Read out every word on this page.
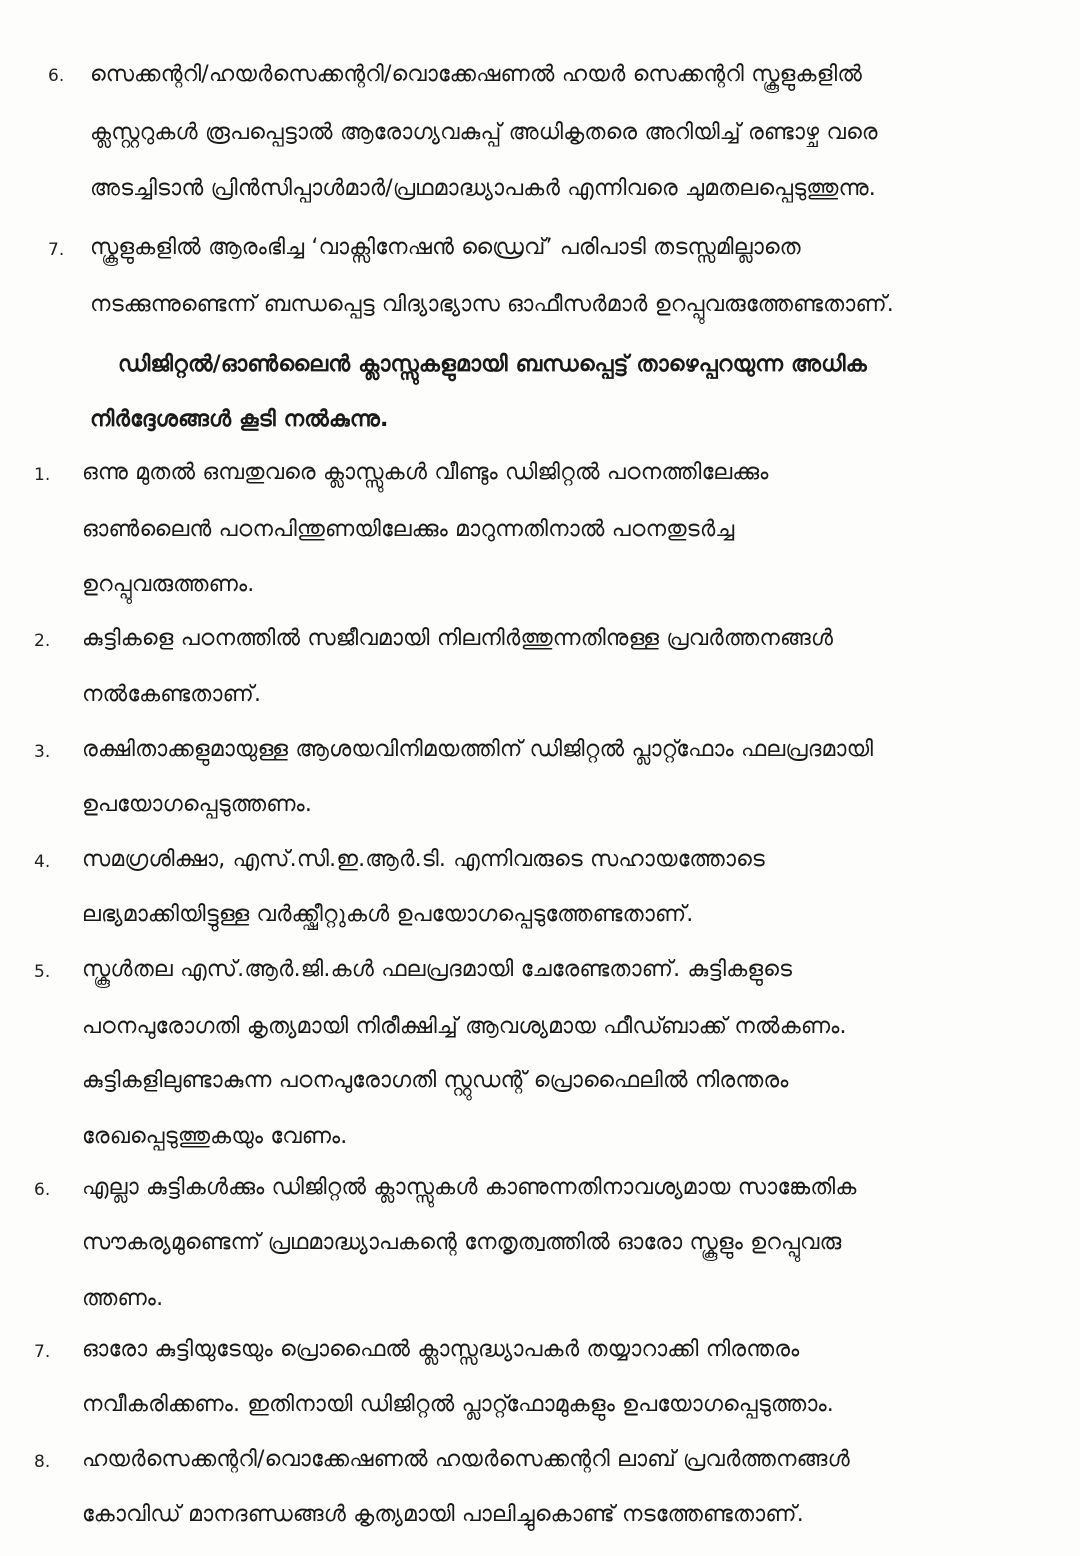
6. സെക്കന്ററി/ഹയർസെക്കന്ററി/വൊക്കേഷണൽ ഹയർ സെക്കന്ററി സ്കൂളുകളിൽ
ക്ലസ്റ്ററുകൾ രൂപപ്പെട്ടാൽ ആരോഗ്യവകുപ്പ് അധികൃതരെ അറിയിച്ച് രണ്ടാഴ്ച വരെ
അടച്ചിടാൻ പ്രിൻസിപ്പാൾമാർ/പ്രഥമാദ്ധ്യാപകർ എന്നിവരെ ചുമതലപ്പെടുത്തുന്നു.
7. സ്കൂളുകളിൽ ആരംഭിച്ച ‘വാക്സിനേഷൻ ഡ്രൈവ്’ പരിപാടി തടസ്സമില്ലാതെ
നടക്കുന്നുണ്ടെന്ന് ബന്ധപ്പെട്ട വിദ്യാഭ്യാസ ഓഫീസർമാർ ഉറപ്പുവരുത്തേണ്ടതാണ്.
ഡിജിറ്റൽ/ഓൺലൈൻ ക്ലാസ്സുകളുമായി ബന്ധപ്പെട്ട് താഴെപ്പറയുന്ന അധിക
നിർദ്ദേശങ്ങൾ കൂടി നൽകുന്നു.
1. ഒന്നു മുതൽ ഒമ്പതുവരെ ക്ലാസ്സുകൾ വീണ്ടും ഡിജിറ്റൽ പഠനത്തിലേക്കും
ഓൺലൈൻ പഠനപിന്തുണയിലേക്കും മാറുന്നതിനാൽ പഠനതുടർച്ച
ഉറപ്പുവരുത്തണം.
2. കുട്ടികളെ പഠനത്തിൽ സജീവമായി നിലനിർത്തുന്നതിനുള്ള പ്രവർത്തനങ്ങൾ
നൽകേണ്ടതാണ്.
3. രക്ഷിതാക്കളുമായുള്ള ആശയവിനിമയത്തിന് ഡിജിറ്റൽ പ്ലാറ്റ്ഫോം ഫലപ്രദമായി
ഉപയോഗപ്പെടുത്തണം.
4. സമഗ്രശിക്ഷാ, എസ്.സി.ഇ.ആർ.ടി. എന്നിവരുടെ സഹായത്തോടെ
ലഭ്യമാക്കിയിട്ടുള്ള വർക്ക്ഷീറ്റുകൾ ഉപയോഗപ്പെടുത്തേണ്ടതാണ്.
5. സ്കൂൾതല എസ്.ആർ.ജി.കൾ ഫലപ്രദമായി ചേരേണ്ടതാണ്. കുട്ടികളുടെ
പഠനപുരോഗതി കൃത്യമായി നിരീക്ഷിച്ച് ആവശ്യമായ ഫീഡ്ബാക്ക് നൽകണം.
കുട്ടികളിലുണ്ടാകുന്ന പഠനപുരോഗതി സ്റ്റുഡന്റ് പ്രൊഫൈലിൽ നിരന്തരം
രേഖപ്പെടുത്തുകയും വേണം.
6. എല്ലാ കുട്ടികൾക്കും ഡിജിറ്റൽ ക്ലാസ്സുകൾ കാണുന്നതിനാവശ്യമായ സാങ്കേതിക
സൗകര്യമുണ്ടെന്ന് പ്രഥമാദ്ധ്യാപകന്റെ നേതൃത്വത്തിൽ ഓരോ സ്കൂളും ഉറപ്പുവരു
ത്തണം.
7. ഓരോ കുട്ടിയുടേയും പ്രൊഫൈൽ ക്ലാസ്സദ്ധ്യാപകർ തയ്യാറാക്കി നിരന്തരം
നവീകരിക്കണം. ഇതിനായി ഡിജിറ്റൽ പ്ലാറ്റ്ഫോമുകളും ഉപയോഗപ്പെടുത്താം.
8. ഹയർസെക്കന്ററി/വൊക്കേഷണൽ ഹയർസെക്കന്ററി ലാബ് പ്രവർത്തനങ്ങൾ
കോവിഡ് മാനദണ്ഡങ്ങൾ കൃത്യമായി പാലിച്ചുകൊണ്ട് നടത്തേണ്ടതാണ്.
